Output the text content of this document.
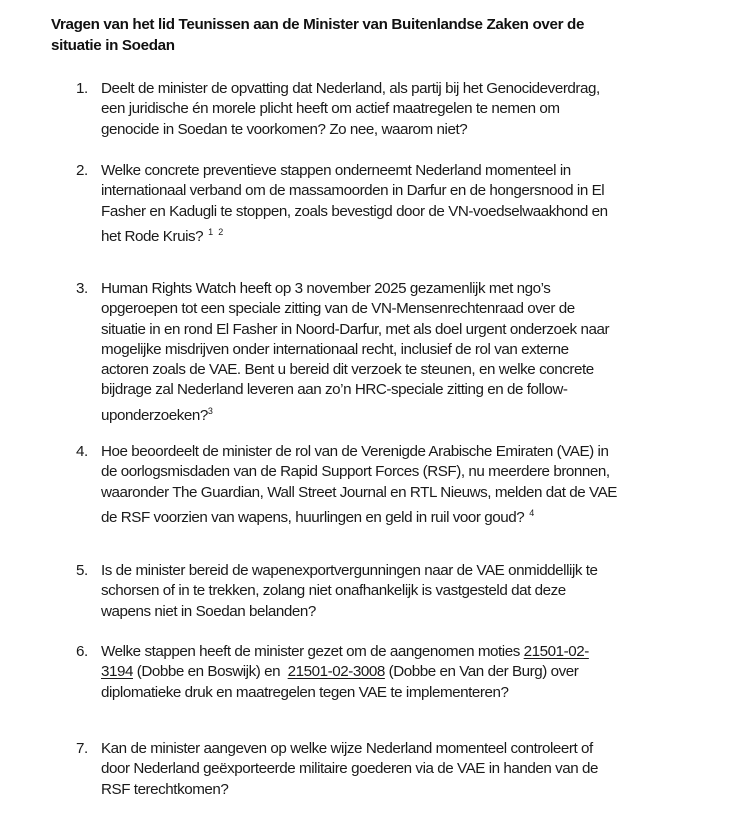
Vragen van het lid Teunissen aan de Minister van Buitenlandse Zaken over de
situatie in Soedan
1. Deelt de minister de opvatting dat Nederland, als partij bij het Genocideverdrag,
een juridische én morele plicht heeft om actief maatregelen te nemen om
genocide in Soedan te voorkomen? Zo nee, waarom niet?
2. Welke concrete preventieve stappen onderneemt Nederland momenteel in
internationaal verband om de massamoorden in Darfur en de hongersnood in El
Fasher en Kadugli te stoppen, zoals bevestigd door de VN-voedselwaakhond en
het Rode Kruis? $^1$ $^2$
3. Human Rights Watch heeft op 3 november 2025 gezamenlijk met ngo’s
opgeroepen tot een speciale zitting van de VN-Mensenrechtenraad over de
situatie in en rond El Fasher in Noord-Darfur, met als doel urgent onderzoek naar
mogelijke misdrijven onder internationaal recht, inclusief de rol van externe
actoren zoals de VAE. Bent u bereid dit verzoek te steunen, en welke concrete
bijdrage zal Nederland leveren aan zo’n HRC-speciale zitting en de follow-
uponderzoeken?$^3$
4. Hoe beoordeelt de minister de rol van de Verenigde Arabische Emiraten (VAE) in
de oorlogsmisdaden van de Rapid Support Forces (RSF), nu meerdere bronnen,
waaronder The Guardian, Wall Street Journal en RTL Nieuws, melden dat de VAE
de RSF voorzien van wapens, huurlingen en geld in ruil voor goud? $^4$
5. Is de minister bereid de wapenexportvergunningen naar de VAE onmiddellijk te
schorsen of in te trekken, zolang niet onafhankelijk is vastgesteld dat deze
wapens niet in Soedan belanden?
6. Welke stappen heeft de minister gezet om de aangenomen moties 21501-02-
3194 (Dobbe en Boswijk) en  21501-02-3008 (Dobbe en Van der Burg) over
diplomatieke druk en maatregelen tegen VAE te implementeren?
7. Kan de minister aangeven op welke wijze Nederland momenteel controleert of
door Nederland geëxporteerde militaire goederen via de VAE in handen van de
RSF terechtkomen?
